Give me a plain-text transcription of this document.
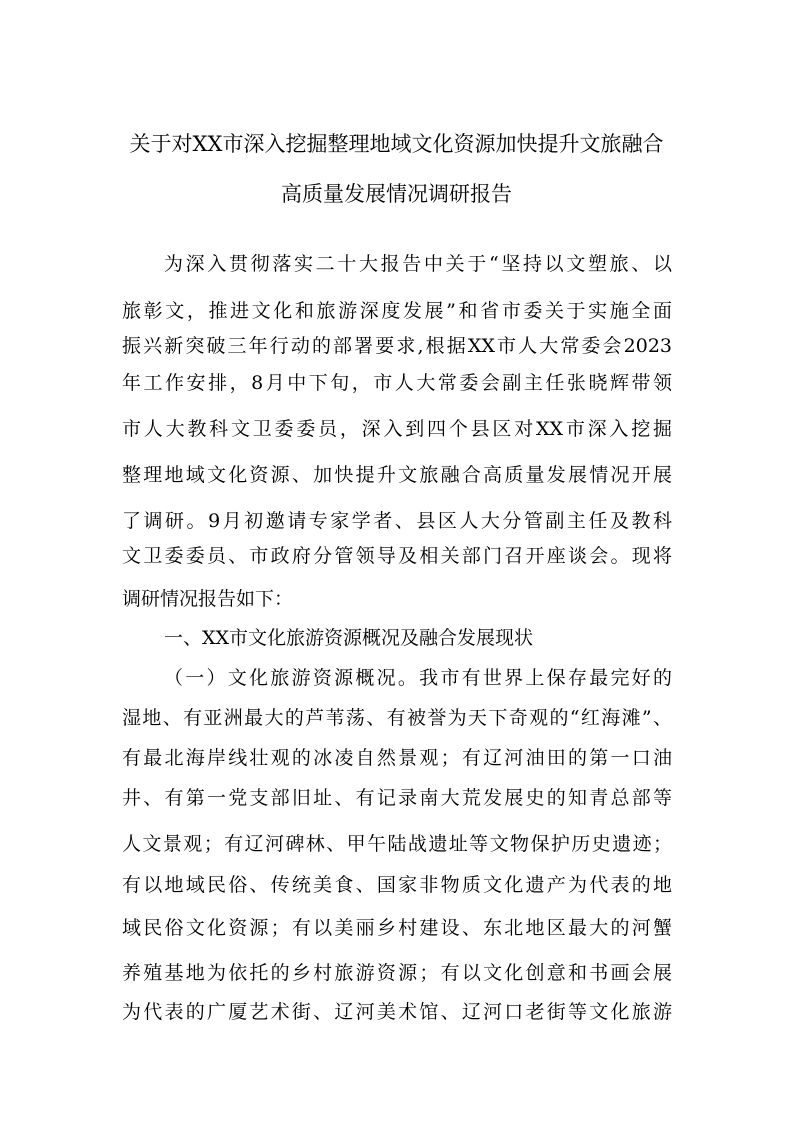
关于对XX市深入挖掘整理地域文化资源加快提升文旅融合
高质量发展情况调研报告
为深入贯彻落实二十大报告中关于“坚持以文塑旅、以
旅彰文，推进文化和旅游深度发展”和省市委关于实施全面
振兴新突破三年行动的部署要求,根据XX市人大常委会2023
年工作安排，8月中下旬，市人大常委会副主任张晓辉带领
市人大教科文卫委委员，深入到四个县区对XX市深入挖掘
整理地域文化资源、加快提升文旅融合高质量发展情况开展
了调研。9月初邀请专家学者、县区人大分管副主任及教科
文卫委委员、市政府分管领导及相关部门召开座谈会。现将
调研情况报告如下：
一、XX市文化旅游资源概况及融合发展现状
（一）文化旅游资源概况。我市有世界上保存最完好的
湿地、有亚洲最大的芦苇荡、有被誉为天下奇观的“红海滩”、
有最北海岸线壮观的冰凌自然景观；有辽河油田的第一口油
井、有第一党支部旧址、有记录南大荒发展史的知青总部等
人文景观；有辽河碑林、甲午陆战遗址等文物保护历史遗迹；
有以地域民俗、传统美食、国家非物质文化遗产为代表的地
域民俗文化资源；有以美丽乡村建设、东北地区最大的河蟹
养殖基地为依托的乡村旅游资源；有以文化创意和书画会展
为代表的广厦艺术街、辽河美术馆、辽河口老街等文化旅游
